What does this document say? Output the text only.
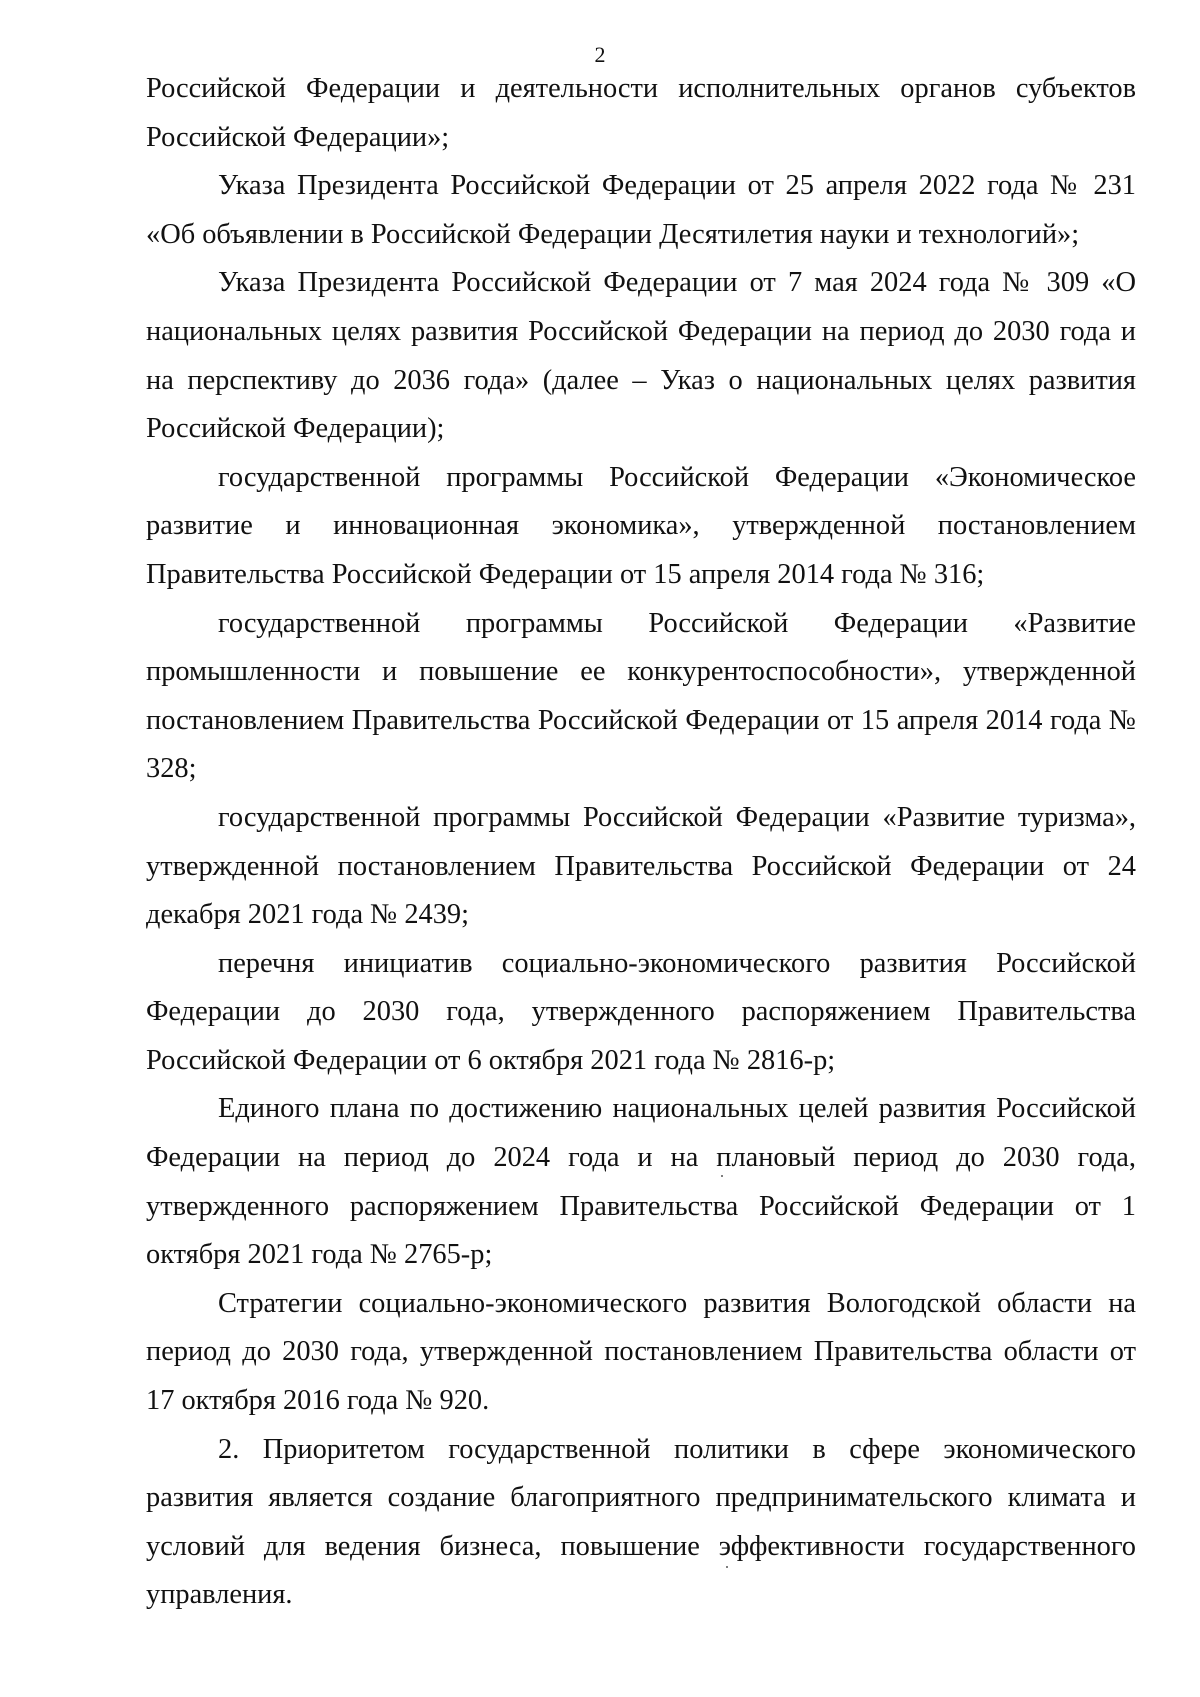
2

Российской Федерации и деятельности исполнительных органов субъектов Российской Федерации»;

Указа Президента Российской Федерации от 25 апреля 2022 года № 231 «Об объявлении в Российской Федерации Десятилетия науки и технологий»;

Указа Президента Российской Федерации от 7 мая 2024 года № 309 «О национальных целях развития Российской Федерации на период до 2030 года и на перспективу до 2036 года» (далее – Указ о национальных целях развития Российской Федерации);

государственной программы Российской Федерации «Экономическое развитие и инновационная экономика», утвержденной постановлением Правительства Российской Федерации от 15 апреля 2014 года № 316;

государственной программы Российской Федерации «Развитие промышленности и повышение ее конкурентоспособности», утвержденной постановлением Правительства Российской Федерации от 15 апреля 2014 года № 328;

государственной программы Российской Федерации «Развитие туризма», утвержденной постановлением Правительства Российской Федерации от 24 декабря 2021 года № 2439;

перечня инициатив социально-экономического развития Российской Федерации до 2030 года, утвержденного распоряжением Правительства Российской Федерации от 6 октября 2021 года № 2816-р;

Единого плана по достижению национальных целей развития Российской Федерации на период до 2024 года и на плановый период до 2030 года, утвержденного распоряжением Правительства Российской Федерации от 1 октября 2021 года № 2765-р;

Стратегии социально-экономического развития Вологодской области на период до 2030 года, утвержденной постановлением Правительства области от 17 октября 2016 года № 920.

2. Приоритетом государственной политики в сфере экономического развития является создание благоприятного предпринимательского климата и условий для ведения бизнеса, повышение эффективности государственного управления.
